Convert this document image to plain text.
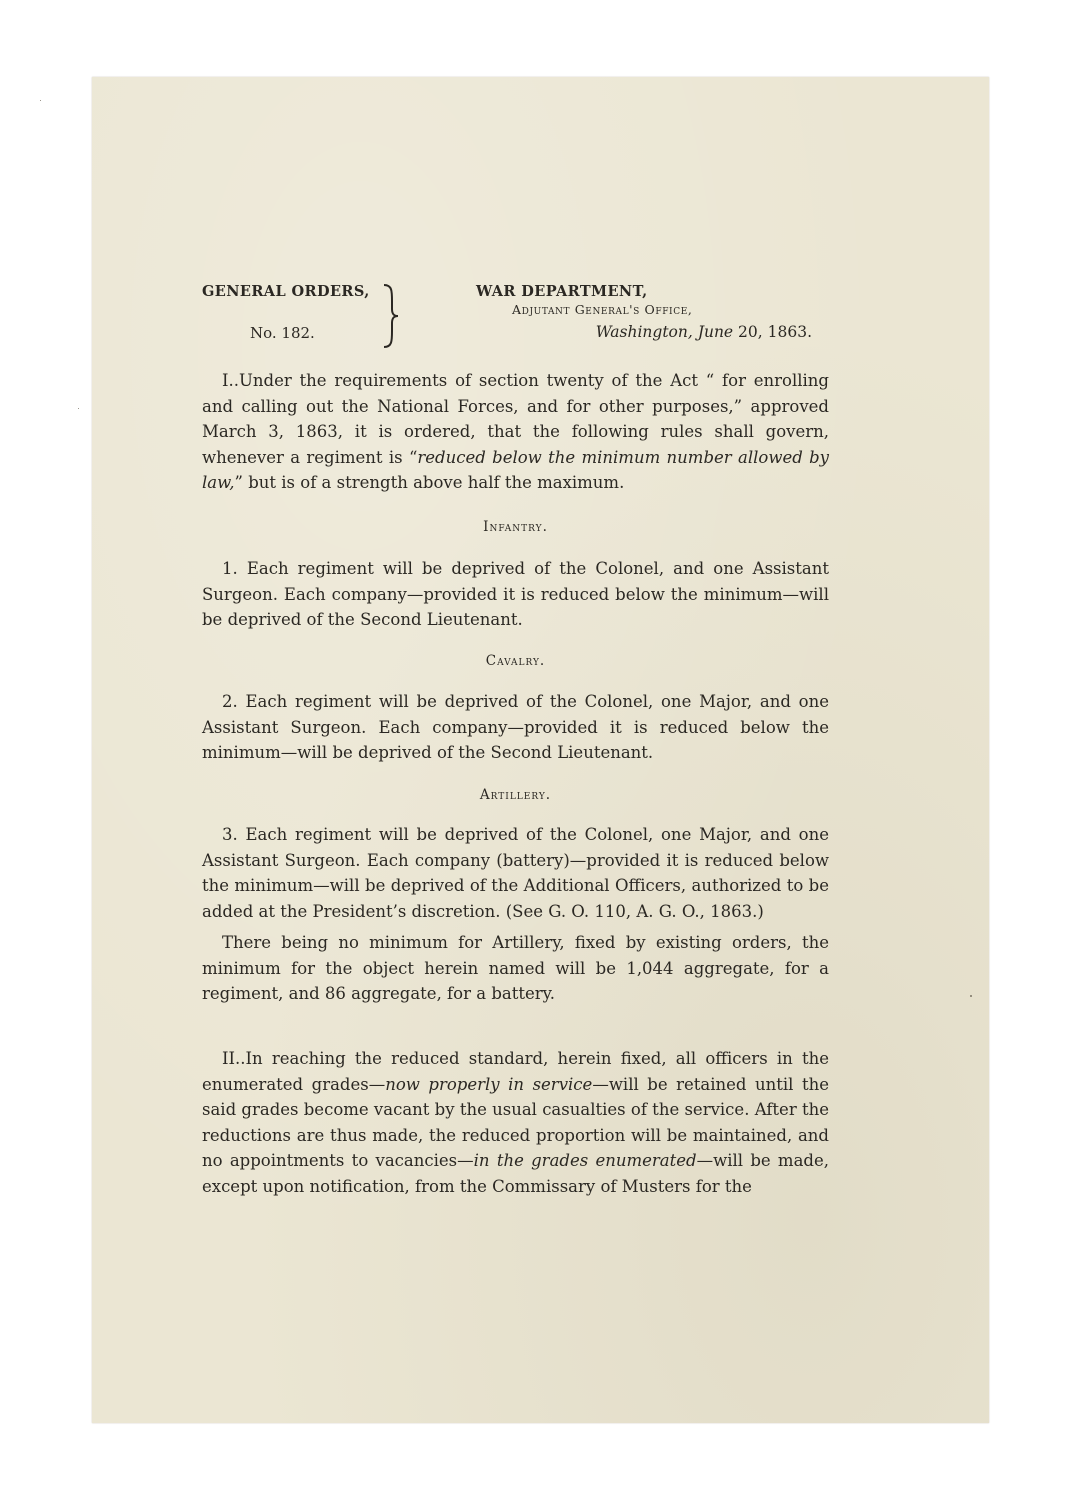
GENERAL ORDERS,
No. 182.
WAR DEPARTMENT,
Adjutant General's Office,
Washington, June 20, 1863.

I..Under the requirements of section twenty of the Act “ for enrolling and calling out the National Forces, and for other purposes,” approved March 3, 1863, it is ordered, that the following rules shall govern, whenever a regiment is “reduced below the minimum number allowed by law,” but is of a strength above half the maximum.

Infantry.

1. Each regiment will be deprived of the Colonel, and one Assistant Surgeon. Each company—provided it is reduced below the minimum—will be deprived of the Second Lieutenant.

Cavalry.

2. Each regiment will be deprived of the Colonel, one Major, and one Assistant Surgeon. Each company—provided it is reduced below the minimum—will be deprived of the Second Lieutenant.

Artillery.

3. Each regiment will be deprived of the Colonel, one Major, and one Assistant Surgeon. Each company (battery)—provided it is reduced below the minimum—will be deprived of the Additional Officers, authorized to be added at the President’s discretion. (See G. O. 110, A. G. O., 1863.)

There being no minimum for Artillery, fixed by existing orders, the minimum for the object herein named will be 1,044 aggregate, for a regiment, and 86 aggregate, for a battery.

II..In reaching the reduced standard, herein fixed, all officers in the enumerated grades—now properly in service—will be retained until the said grades become vacant by the usual casualties of the service. After the reductions are thus made, the reduced proportion will be maintained, and no appointments to vacancies—in the grades enumerated—will be made, except upon notification, from the Commissary of Musters for the
